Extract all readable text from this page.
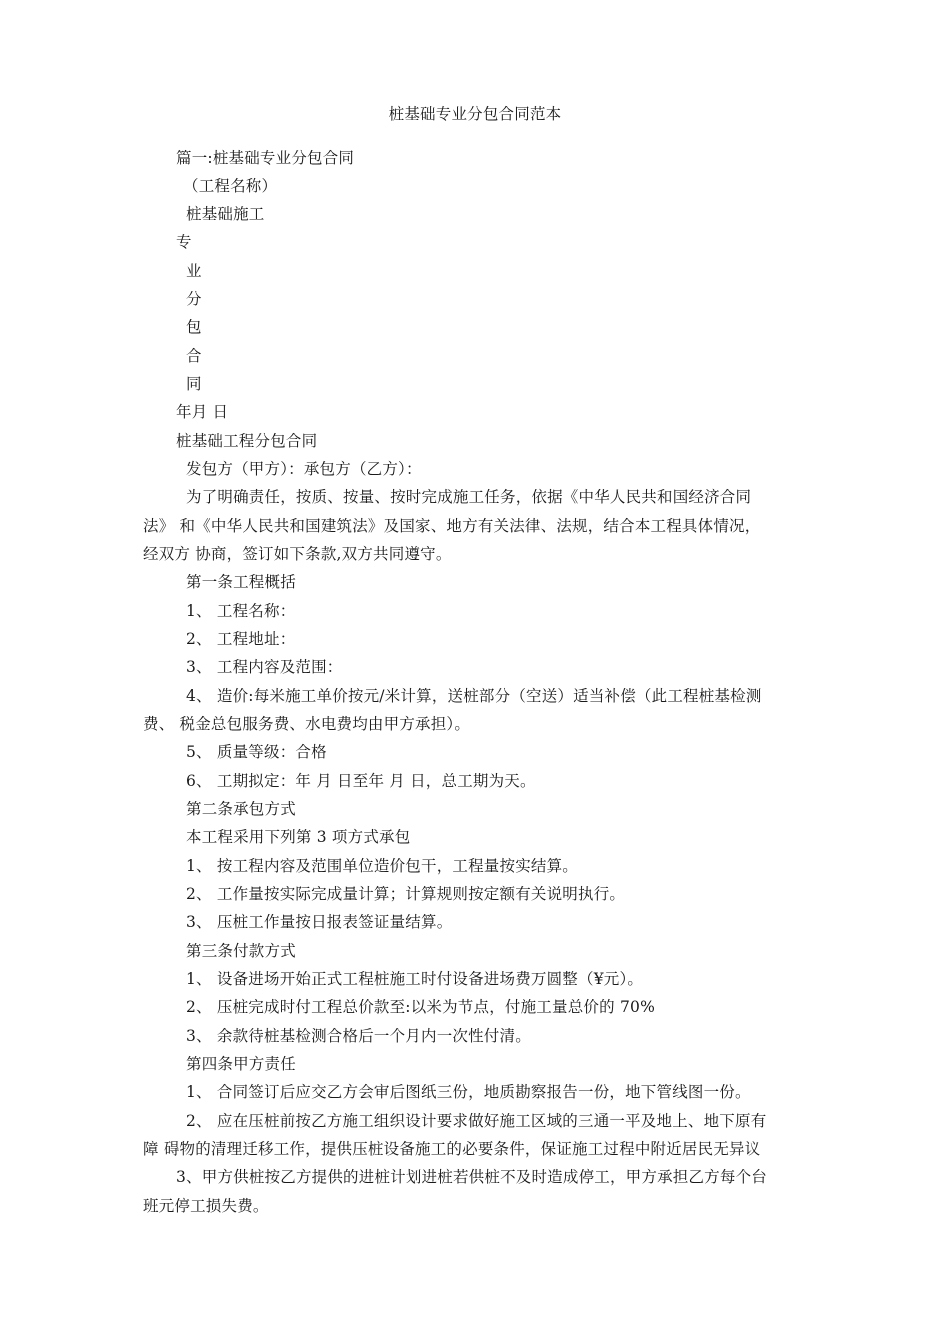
桩基础专业分包合同范本
篇一:桩基础专业分包合同
（工程名称）
桩基础施工
专
业
分
包
合
同
年月 日
桩基础工程分包合同
发包方（甲方）：承包方（乙方）：
为了明确责任，按质、按量、按时完成施工任务，依据《中华人民共和国经济合同
法》 和《中华人民共和国建筑法》及国家、地方有关法律、法规，结合本工程具体情况，
经双方 协商，签订如下条款,双方共同遵守。
第一条工程概括
1、 工程名称：
2、 工程地址：
3、 工程内容及范围：
4、 造价:每米施工单价按元/米计算，送桩部分（空送）适当补偿（此工程桩基检测
费、 税金总包服务费、水电费均由甲方承担）。
5、 质量等级：合格
6、 工期拟定：年 月 日至年 月 日，总工期为天。
第二条承包方式
本工程采用下列第 3 项方式承包
1、 按工程内容及范围单位造价包干，工程量按实结算。
2、 工作量按实际完成量计算；计算规则按定额有关说明执行。
3、 压桩工作量按日报表签证量结算。
第三条付款方式
1、 设备进场开始正式工程桩施工时付设备进场费万圆整（¥元）。
2、 压桩完成时付工程总价款至:以米为节点，付施工量总价的 70%
3、 余款待桩基检测合格后一个月内一次性付清。
第四条甲方责任
1、 合同签订后应交乙方会审后图纸三份，地质勘察报告一份，地下管线图一份。
2、 应在压桩前按乙方施工组织设计要求做好施工区域的三通一平及地上、地下原有
障 碍物的清理迁移工作，提供压桩设备施工的必要条件，保证施工过程中附近居民无异议
3、甲方供桩按乙方提供的进桩计划进桩若供桩不及时造成停工，甲方承担乙方每个台
班元停工损失费。
